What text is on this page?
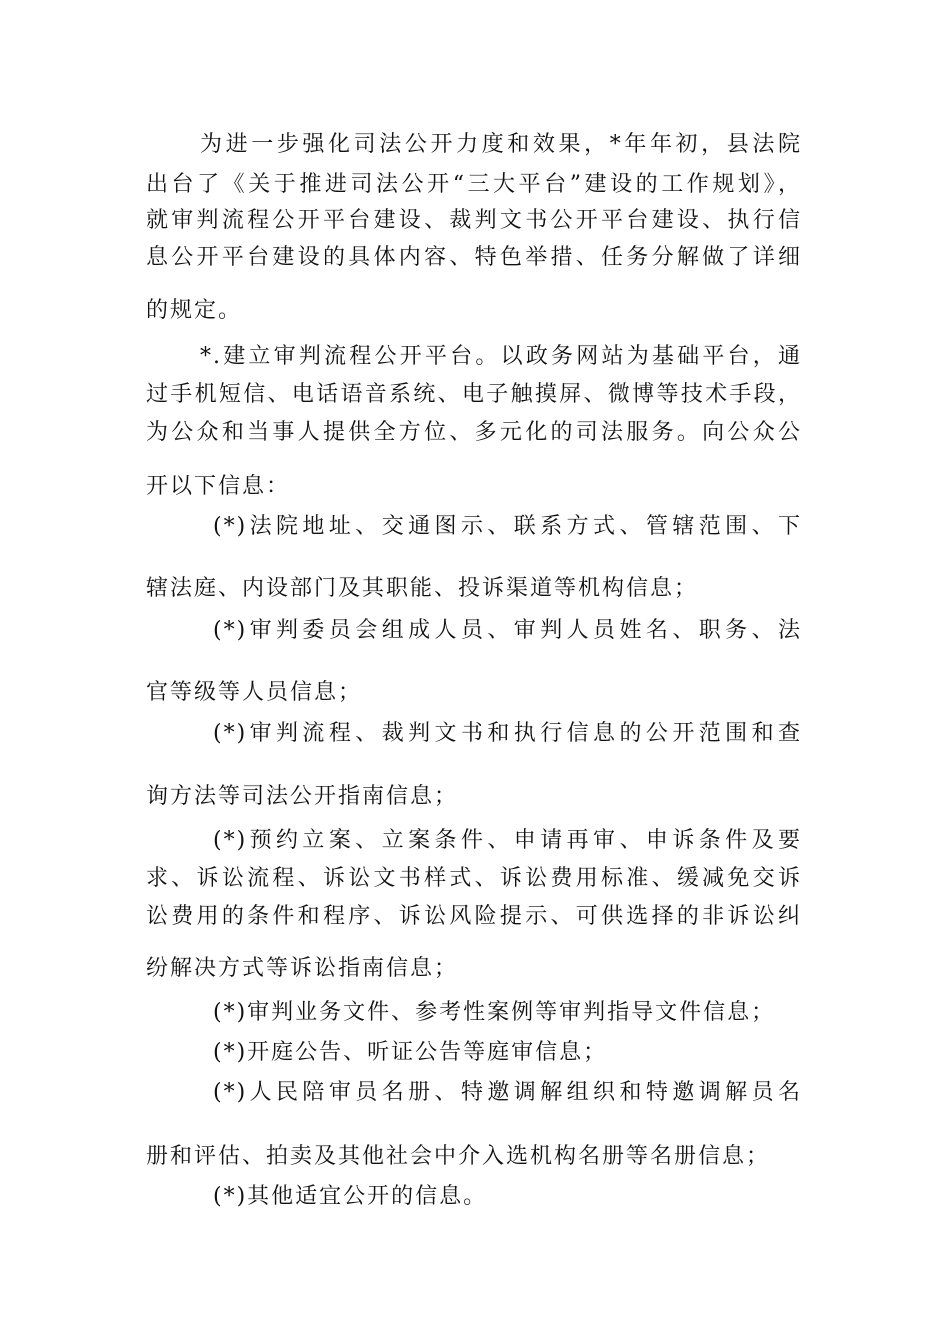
为进一步强化司法公开力度和效果，*年年初，县法院

出台了《关于推进司法公开“三大平台”建设的工作规划》，

就审判流程公开平台建设、裁判文书公开平台建设、执行信

息公开平台建设的具体内容、特色举措、任务分解做了详细

的规定。

*.建立审判流程公开平台。以政务网站为基础平台，通

过手机短信、电话语音系统、电子触摸屏、微博等技术手段，

为公众和当事人提供全方位、多元化的司法服务。向公众公

开以下信息：

(*)法院地址、交通图示、联系方式、管辖范围、下

辖法庭、内设部门及其职能、投诉渠道等机构信息；

(*)审判委员会组成人员、审判人员姓名、职务、法

官等级等人员信息；

(*)审判流程、裁判文书和执行信息的公开范围和查

询方法等司法公开指南信息；

(*)预约立案、立案条件、申请再审、申诉条件及要

求、诉讼流程、诉讼文书样式、诉讼费用标准、缓减免交诉

讼费用的条件和程序、诉讼风险提示、可供选择的非诉讼纠

纷解决方式等诉讼指南信息；

(*)审判业务文件、参考性案例等审判指导文件信息；

(*)开庭公告、听证公告等庭审信息；

(*)人民陪审员名册、特邀调解组织和特邀调解员名

册和评估、拍卖及其他社会中介入选机构名册等名册信息；

(*)其他适宜公开的信息。
